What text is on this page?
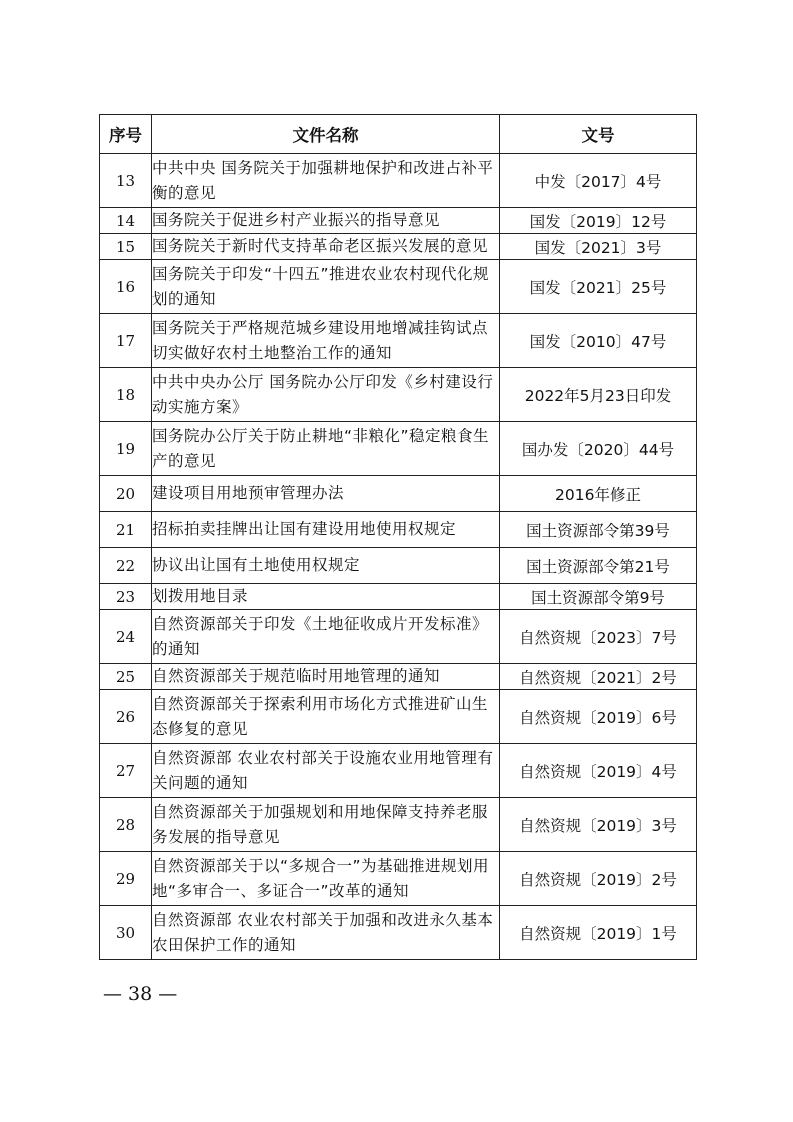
序号	文件名称	文号
13	中共中央 国务院关于加强耕地保护和改进占补平衡的意见	中发〔2017〕4号
14	国务院关于促进乡村产业振兴的指导意见	国发〔2019〕12号
15	国务院关于新时代支持革命老区振兴发展的意见	国发〔2021〕3号
16	国务院关于印发“十四五”推进农业农村现代化规划的通知	国发〔2021〕25号
17	国务院关于严格规范城乡建设用地增减挂钩试点切实做好农村土地整治工作的通知	国发〔2010〕47号
18	中共中央办公厅 国务院办公厅印发《乡村建设行动实施方案》	2022年5月23日印发
19	国务院办公厅关于防止耕地“非粮化”稳定粮食生产的意见	国办发〔2020〕44号
20	建设项目用地预审管理办法	2016年修正
21	招标拍卖挂牌出让国有建设用地使用权规定	国土资源部令第39号
22	协议出让国有土地使用权规定	国土资源部令第21号
23	划拨用地目录	国土资源部令第9号
24	自然资源部关于印发《土地征收成片开发标准》的通知	自然资规〔2023〕7号
25	自然资源部关于规范临时用地管理的通知	自然资规〔2021〕2号
26	自然资源部关于探索利用市场化方式推进矿山生态修复的意见	自然资规〔2019〕6号
27	自然资源部 农业农村部关于设施农业用地管理有关问题的通知	自然资规〔2019〕4号
28	自然资源部关于加强规划和用地保障支持养老服务发展的指导意见	自然资规〔2019〕3号
29	自然资源部关于以“多规合一”为基础推进规划用地“多审合一、多证合一”改革的通知	自然资规〔2019〕2号
30	自然资源部 农业农村部关于加强和改进永久基本农田保护工作的通知	自然资规〔2019〕1号
— 38 —
